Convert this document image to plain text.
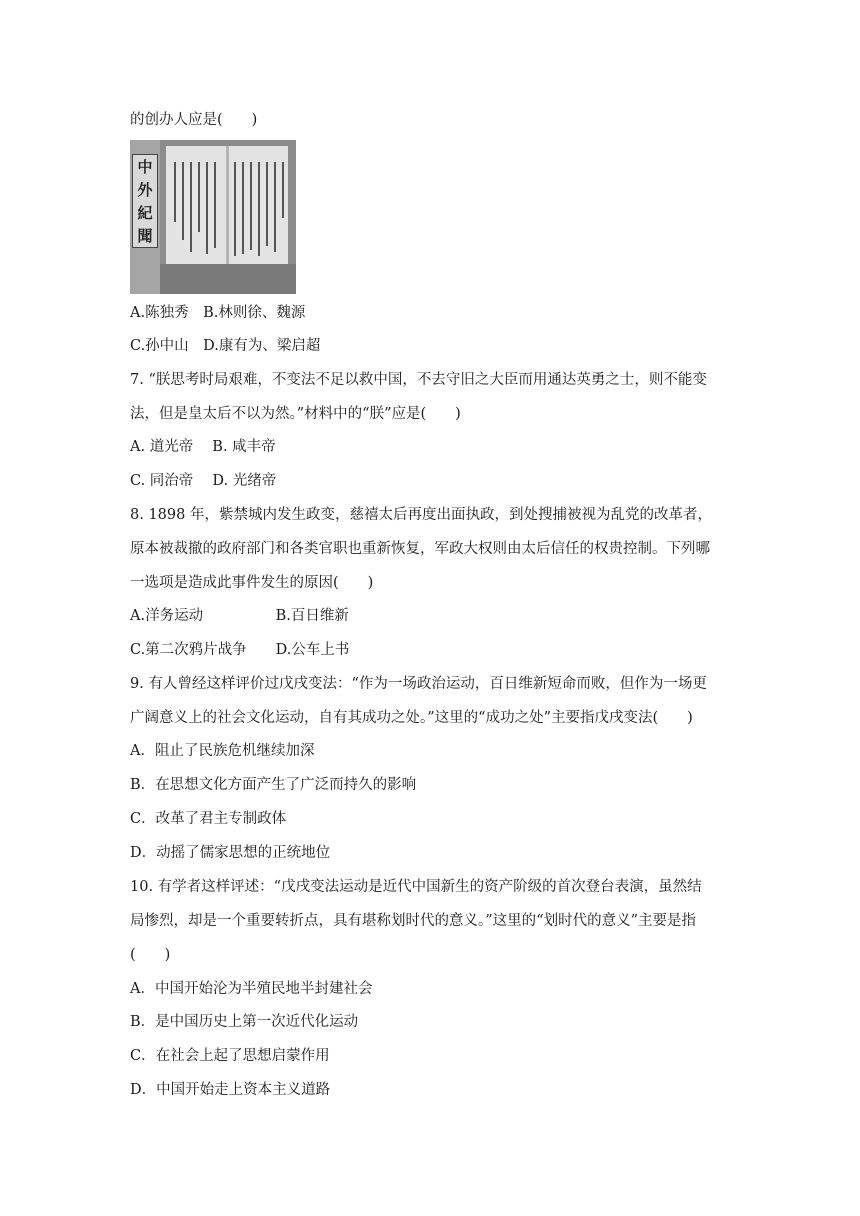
的创办人应是(　　)
中
外
紀
聞
A.陈独秀　B.林则徐、魏源
C.孙中山　D.康有为、梁启超
7. “朕思考时局艰难，不变法不足以救中国，不去守旧之大臣而用通达英勇之士，则不能变
法，但是皇太后不以为然。”材料中的“朕”应是(　　)
A. 道光帝　 B. 咸丰帝
C. 同治帝　 D. 光绪帝
8. 1898 年，紫禁城内发生政变，慈禧太后再度出面执政，到处搜捕被视为乱党的改革者，
原本被裁撤的政府部门和各类官职也重新恢复，军政大权则由太后信任的权贵控制。下列哪
一选项是造成此事件发生的原因(　　)
A.洋务运动　　　　　B.百日维新
C.第二次鸦片战争　　D.公车上书
9. 有人曾经这样评价过戊戌变法：“作为一场政治运动，百日维新短命而败，但作为一场更
广阔意义上的社会文化运动，自有其成功之处。”这里的“成功之处”主要指戊戌变法(　　)
A．阻止了民族危机继续加深
B．在思想文化方面产生了广泛而持久的影响
C．改革了君主专制政体
D．动摇了儒家思想的正统地位
10. 有学者这样评述：“戊戌变法运动是近代中国新生的资产阶级的首次登台表演，虽然结
局惨烈，却是一个重要转折点，具有堪称划时代的意义。”这里的“划时代的意义”主要是指
(　　)
A．中国开始沦为半殖民地半封建社会
B．是中国历史上第一次近代化运动
C．在社会上起了思想启蒙作用
D．中国开始走上资本主义道路
